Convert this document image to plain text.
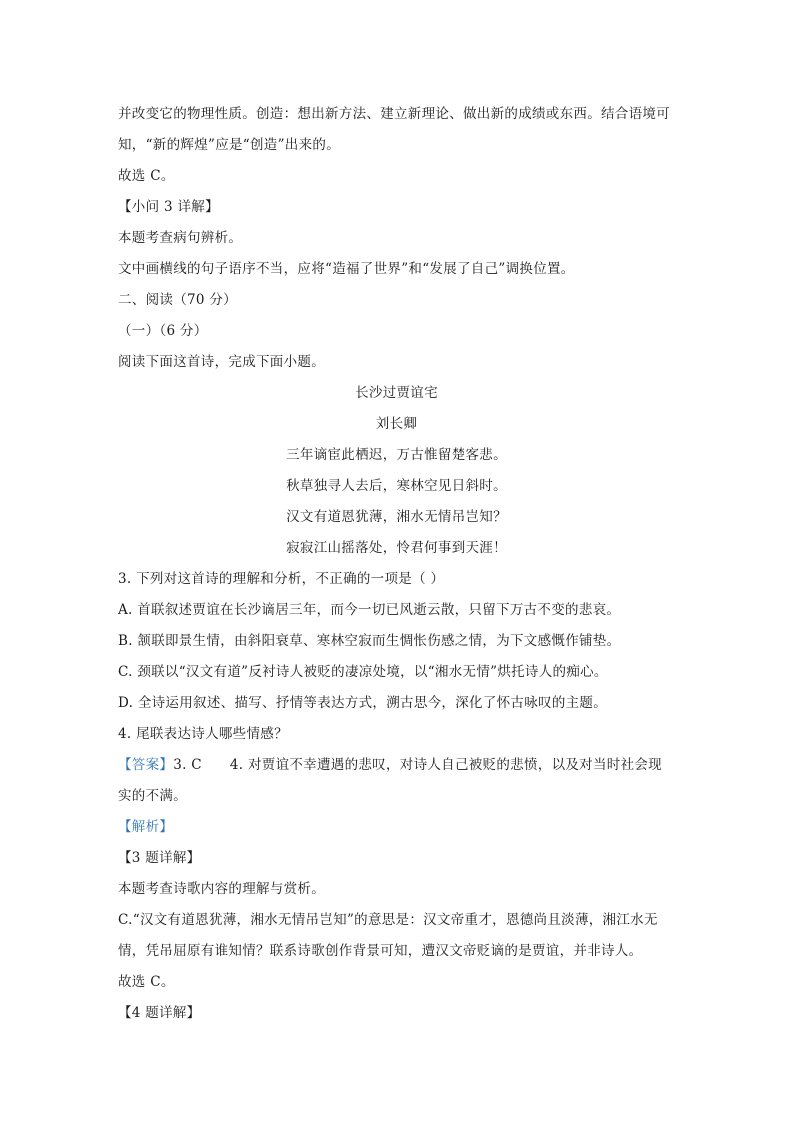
并改变它的物理性质。创造：想出新方法、建立新理论、做出新的成绩或东西。结合语境可
知，“新的辉煌”应是“创造”出来的。
故选 C。
【小问 3 详解】
本题考查病句辨析。
文中画横线的句子语序不当，应将“造福了世界”和“发展了自己”调换位置。
二、阅读（70 分）
（一）（6 分）
阅读下面这首诗，完成下面小题。
长沙过贾谊宅
刘长卿
三年谪宦此栖迟，万古惟留楚客悲。
秋草独寻人去后，寒林空见日斜时。
汉文有道恩犹薄，湘水无情吊岂知？
寂寂江山摇落处，怜君何事到天涯！
3. 下列对这首诗的理解和分析，不正确的一项是（ ）
A. 首联叙述贾谊在长沙谪居三年，而今一切已风逝云散，只留下万古不变的悲哀。
B. 颔联即景生情，由斜阳衰草、寒林空寂而生惆怅伤感之情，为下文感慨作铺垫。
C. 颈联以“汉文有道”反衬诗人被贬的凄凉处境，以“湘水无情”烘托诗人的痴心。
D. 全诗运用叙述、描写、抒情等表达方式，溯古思今，深化了怀古咏叹的主题。
4. 尾联表达诗人哪些情感？
【答案】3. C 4. 对贾谊不幸遭遇的悲叹，对诗人自己被贬的悲愤，以及对当时社会现
实的不满。
【解析】
【3 题详解】
本题考查诗歌内容的理解与赏析。
C.“汉文有道恩犹薄，湘水无情吊岂知”的意思是：汉文帝重才，恩德尚且淡薄，湘江水无
情，凭吊屈原有谁知情？联系诗歌创作背景可知，遭汉文帝贬谪的是贾谊，并非诗人。
故选 C。
【4 题详解】
